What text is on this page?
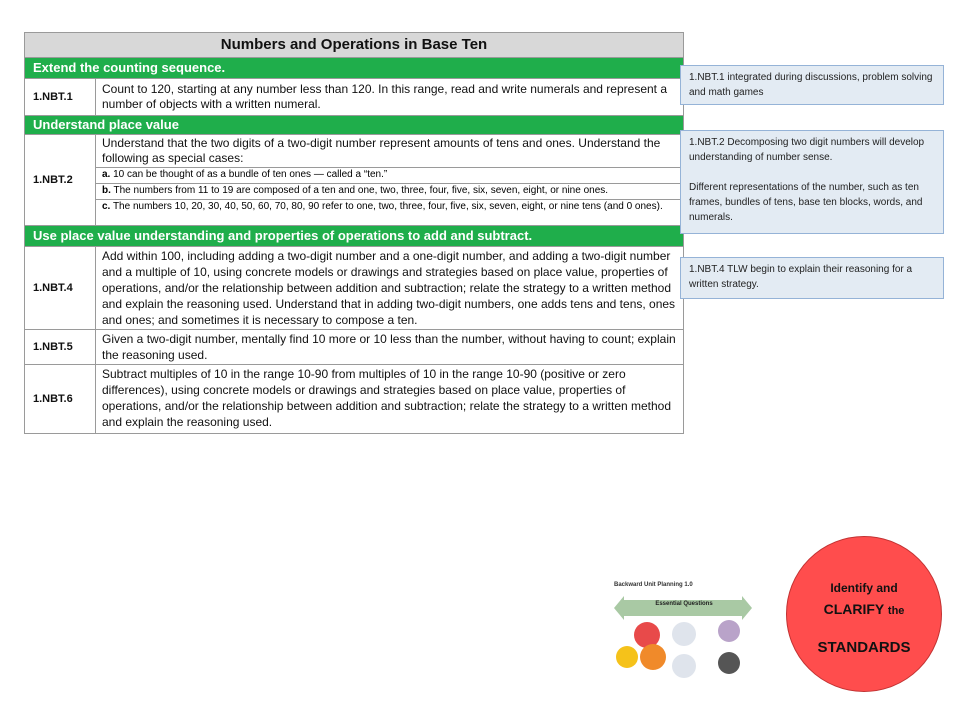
Numbers and Operations in Base Ten
Extend the counting sequence.
1.NBT.1
Count to 120, starting at any number less than 120. In this range, read and write numerals and represent a number of objects with a written numeral.
Understand place value
1.NBT.2
Understand that the two digits of a two-digit number represent amounts of tens and ones. Understand the following as special cases:
a. 10 can be thought of as a bundle of ten ones — called a “ten.”
b. The numbers from 11 to 19 are composed of a ten and one, two, three, four, five, six, seven, eight, or nine ones.
c. The numbers 10, 20, 30, 40, 50, 60, 70, 80, 90 refer to one, two, three, four, five, six, seven, eight, or nine tens (and 0 ones).
Use place value understanding and properties of operations to add and subtract.
1.NBT.4
Add within 100, including adding a two-digit number and a one-digit number, and adding a two-digit number and a multiple of 10, using concrete models or drawings and strategies based on place value, properties of operations, and/or the relationship between addition and subtraction; relate the strategy to a written method and explain the reasoning used. Understand that in adding two-digit numbers, one adds tens and tens, ones and ones; and sometimes it is necessary to compose a ten.
1.NBT.5
Given a two-digit number, mentally find 10 more or 10 less than the number, without having to count; explain the reasoning used.
1.NBT.6
Subtract multiples of 10 in the range 10-90 from multiples of 10 in the range 10-90 (positive or zero differences), using concrete models or drawings and strategies based on place value, properties of operations, and/or the relationship between addition and subtraction; relate the strategy to a written method and explain the reasoning used.

1.NBT.1 integrated during discussions, problem solving and math games

1.NBT.2 Decomposing two digit numbers will develop understanding of number sense.

Different representations of the number, such as ten frames, bundles of tens, base ten blocks, words, and numerals.

1.NBT.4 TLW begin to explain their reasoning for a written strategy.

Backward Unit Planning 1.0
Essential Questions
Identify and
CLARIFY the
STANDARDS
